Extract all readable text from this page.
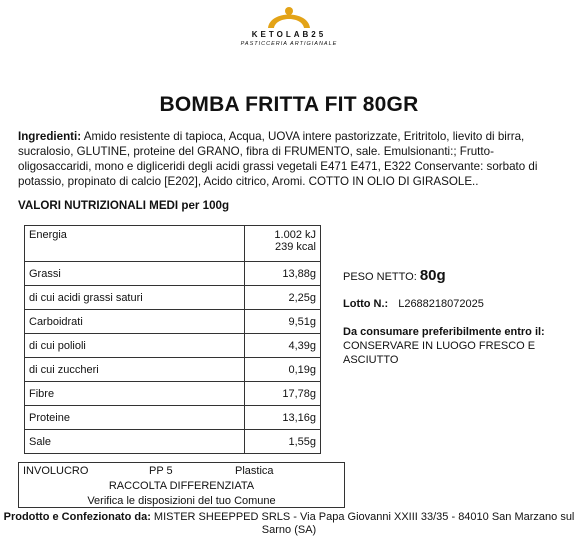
KETOLAB25
PASTICCERIA ARTIGIANALE
BOMBA FRITTA FIT 80GR
Ingredienti: Amido resistente di tapioca, Acqua, UOVA intere pastorizzate, Eritritolo, lievito di birra, sucralosio, GLUTINE, proteine del GRANO, fibra di FRUMENTO, sale. Emulsionanti:; Frutto-oligosaccaridi, mono e digliceridi degli acidi grassi vegetali E471 E471, E322 Conservante: sorbato di potassio, propinato di calcio [E202], Acido citrico, Aromi. COTTO IN OLIO DI GIRASOLE..
VALORI NUTRIZIONALI MEDI per 100g
Energia	1.002 kJ
239 kcal

Grassi	13,88g
di cui acidi grassi saturi	2,25g
Carboidrati	9,51g
di cui polioli	4,39g
di cui zuccheri	0,19g
Fibre	17,78g
Proteine	13,16g
Sale	1,55g
PESO NETTO: 80g
Lotto N.: L2688218072025
Da consumare preferibilmente entro il:
CONSERVARE IN LUOGO FRESCO E ASCIUTTO
INVOLUCRO	PP 5	Plastica
RACCOLTA DIFFERENZIATA
Verifica le disposizioni del tuo Comune
Prodotto e Confezionato da: MISTER SHEEPPED SRLS - Via Papa Giovanni XXIII 33/35 - 84010 San Marzano sul Sarno (SA)
